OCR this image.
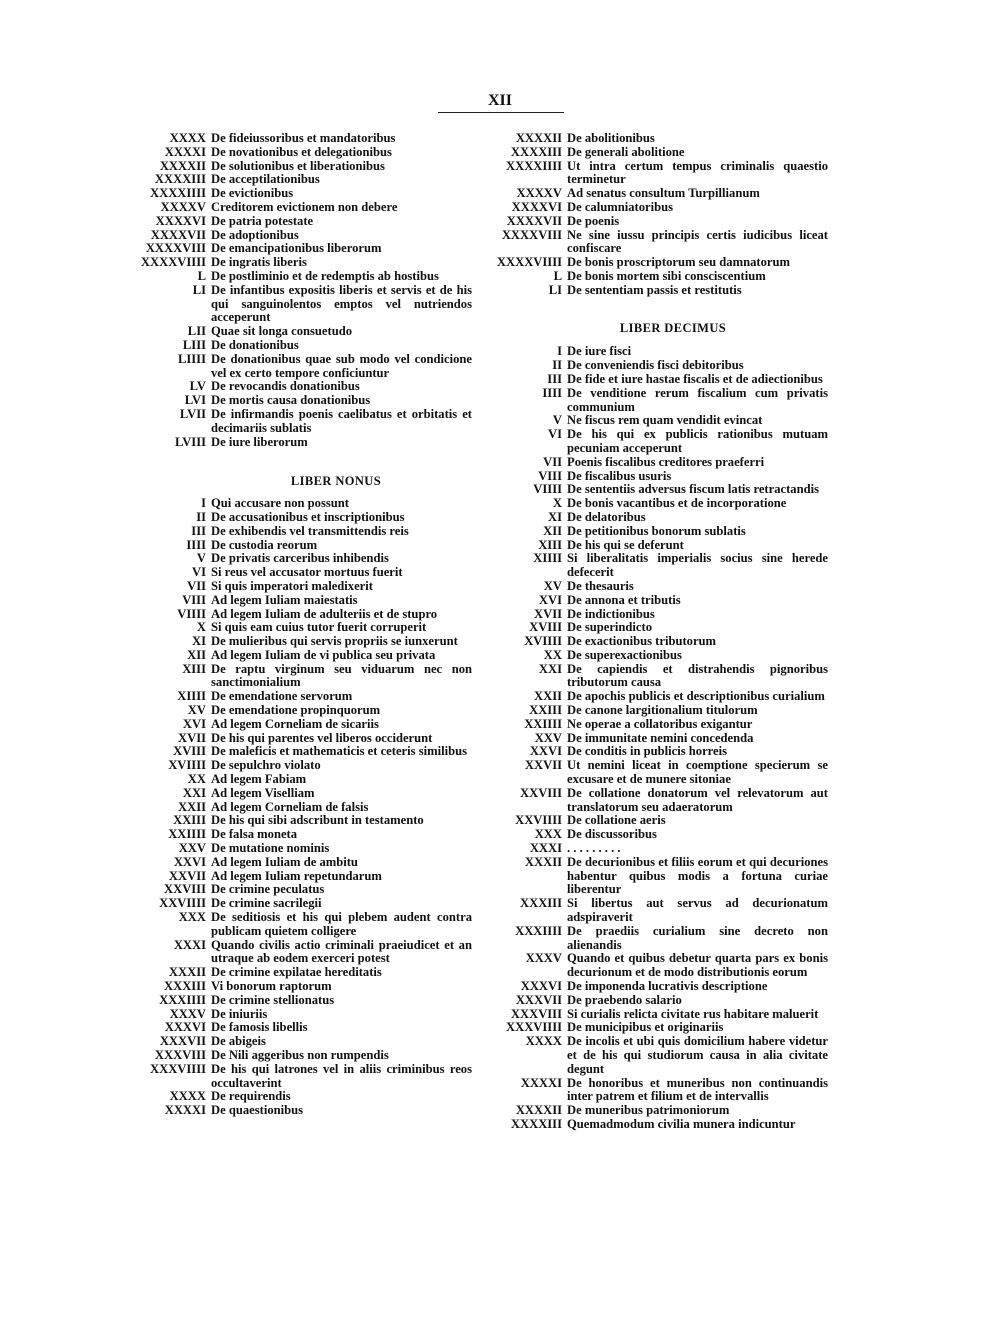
XII
XXXX De fideiussoribus et mandatoribus
XXXXI De novationibus et delegationibus
XXXXII De solutionibus et liberationibus
XXXXIII De acceptilationibus
XXXXIIII De evictionibus
XXXXV Creditorem evictionem non debere
XXXXVI De patria potestate
XXXXVII De adoptionibus
XXXXVIII De emancipationibus liberorum
XXXXVIIII De ingratis liberis
L De postliminio et de redemptis ab hostibus
LI De infantibus expositis liberis et servis et de his qui sanguinolentos emptos vel nutriendos acceperunt
LII Quae sit longa consuetudo
LIII De donationibus
LIIII De donationibus quae sub modo vel condicione vel ex certo tempore conficiuntur
LV De revocandis donationibus
LVI De mortis causa donationibus
LVII De infirmandis poenis caelibatus et orbitatis et decimariis sublatis
LVIII De iure liberorum
LIBER NONUS
I Qui accusare non possunt
II De accusationibus et inscriptionibus
III De exhibendis vel transmittendis reis
IIII De custodia reorum
V De privatis carceribus inhibendis
VI Si reus vel accusator mortuus fuerit
VII Si quis imperatori maledixerit
VIII Ad legem Iuliam maiestatis
VIIII Ad legem Iuliam de adulteriis et de stupro
X Si quis eam cuius tutor fuerit corruperit
XI De mulieribus qui servis propriis se iunxerunt
XII Ad legem Iuliam de vi publica seu privata
XIII De raptu virginum seu viduarum nec non sanctimonialium
XIIII De emendatione servorum
XV De emendatione propinquorum
XVI Ad legem Corneliam de sicariis
XVII De his qui parentes vel liberos occiderunt
XVIII De maleficis et mathematicis et ceteris similibus
XVIIII De sepulchro violato
XX Ad legem Fabiam
XXI Ad legem Viselliam
XXII Ad legem Corneliam de falsis
XXIII De his qui sibi adscribunt in testamento
XXIIII De falsa moneta
XXV De mutatione nominis
XXVI Ad legem Iuliam de ambitu
XXVII Ad legem Iuliam repetundarum
XXVIII De crimine peculatus
XXVIIII De crimine sacrilegii
XXX De seditiosis et his qui plebem audent contra publicam quietem colligere
XXXI Quando civilis actio criminali praeiudicet et an utraque ab eodem exerceri potest
XXXII De crimine expilatae hereditatis
XXXIII Vi bonorum raptorum
XXXIIII De crimine stellionatus
XXXV De iniuriis
XXXVI De famosis libellis
XXXVII De abigeis
XXXVIII De Nili aggeribus non rumpendis
XXXVIIII De his qui latrones vel in aliis criminibus reos occultaverint
XXXX De requirendis
XXXXI De quaestionibus
XXXXII De abolitionibus
XXXXIII De generali abolitione
XXXXIIII Ut intra certum tempus criminalis quaestio terminetur
XXXXV Ad senatus consultum Turpillianum
XXXXVI De calumniatoribus
XXXXVII De poenis
XXXXVIII Ne sine iussu principis certis iudicibus liceat confiscare
XXXXVIIII De bonis proscriptorum seu damnatorum
L De bonis mortem sibi consciscentium
LI De sententiam passis et restitutis
LIBER DECIMUS
I De iure fisci
II De conveniendis fisci debitoribus
III De fide et iure hastae fiscalis et de adiectionibus
IIII De venditione rerum fiscalium cum privatis communium
V Ne fiscus rem quam vendidit evincat
VI De his qui ex publicis rationibus mutuam pecuniam acceperunt
VII Poenis fiscalibus creditores praeferri
VIII De fiscalibus usuris
VIIII De sententiis adversus fiscum latis retractandis
X De bonis vacantibus et de incorporatione
XI De delatoribus
XII De petitionibus bonorum sublatis
XIII De his qui se deferunt
XIIII Si liberalitatis imperialis socius sine herede defecerit
XV De thesauris
XVI De annona et tributis
XVII De indictionibus
XVIII De superindicto
XVIIII De exactionibus tributorum
XX De superexactionibus
XXI De capiendis et distrahendis pignoribus tributorum causa
XXII De apochis publicis et descriptionibus curialium
XXIII De canone largitionalium titulorum
XXIIII Ne operae a collatoribus exigantur
XXV De immunitate nemini concedenda
XXVI De conditis in publicis horreis
XXVII Ut nemini liceat in coemptione specierum se excusare et de munere sitoniae
XXVIII De collatione donatorum vel relevatorum aut translatorum seu adaeratorum
XXVIIII De collatione aeris
XXX De discussoribus
XXXI . . . . . . . . .
XXXII De decurionibus et filiis eorum et qui decuriones habentur quibus modis a fortuna curiae liberentur
XXXIII Si libertus aut servus ad decurionatum adspiraverit
XXXIIII De praediis curialium sine decreto non alienandis
XXXV Quando et quibus debetur quarta pars ex bonis decurionum et de modo distributionis eorum
XXXVI De imponenda lucrativis descriptione
XXXVII De praebendo salario
XXXVIII Si curialis relicta civitate rus habitare maluerit
XXXVIIII De municipibus et originariis
XXXX De incolis et ubi quis domicilium habere videtur et de his qui studiorum causa in alia civitate degunt
XXXXI De honoribus et muneribus non continuandis inter patrem et filium et de intervallis
XXXXII De muneribus patrimoniorum
XXXXIII Quemadmodum civilia munera indicuntur
